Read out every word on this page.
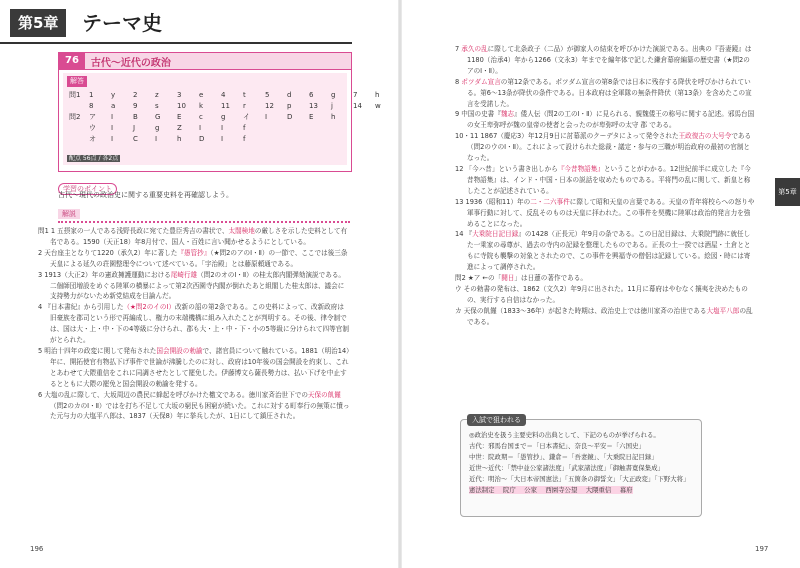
第5章	テーマ史
76	古代〜近代の政治
解答
問1	1	y	2	z	3	e	4	t	5	d	6	g	7	h
8	a	9	s	10	k	11	r	12	p	13	j	14	w
問2	ア	I	B	G	E	c	g	イ	I	D	E	h
ウ	I	J	g	Z	I	I	f
オ	I	C	I	h	D	I	f
配点 56点 / 各2点
学習のポイント
古代〜現代の政治史に関する重要史料を再確認しよう。
解説
問1 1 五摂家の一人である浅野長政に宛てた豊臣秀吉の書状で、太閤検地の厳しさを示した史料として有名である。1590（天正18）年8月付で、国人・百姓に言い聞かせるようにとしている。
2 天台座主となりて1220（承久2）年に著した『愚管抄』（★問2のアのI・Ⅱ）の一節で、ここでは後三条天皇による延久の荘園整理令について述べている。「宇治殿」とは藤原頼通である。
3 1913（大正2）年の憲政擁護運動における尾崎行雄（問2のオのI・Ⅱ）の桂太郎内閣弾劾演説である。二個師団増設をめぐる陸軍の横暴によって第2次西園寺内閣が倒れたあと組閣した桂太郎は、議会に支持勢力がないため新党結成を目論んだ。
4 『日本書紀』から引用した（★問2のイのI）改新の詔の第2条である。この史料によって、改新政府は旧豪族を郡司という形で再編成し、権力の末端機構に組み入れたことが判明する。その後、律令制では、国は大・上・中・下の4等級に分けられ、郡も大・上・中・下・小の5等級に分けられて四等官制がとられた。
5 明治十四年の政変に関して発布された国会開設の勅諭で、諸官員について触れている。1881（明治14）年に、開拓使官有物払下げ事件で世論が沸騰したのに対し、政府は10年後の国会開設を約束し、これとあわせて大隈重信をこれに同調させたとして罷免した。伊藤博文ら薩長勢力は、払い下げを中止するとともに大隈の罷免と国会開設の勅諭を発する。
6 大塩の乱に際して、大坂周辺の農民に蜂起を呼びかけた檄文である。徳川家斉治世下での天保の飢饉（問2のカのI・Ⅱ）ではを打ち不足して大坂の窮民も困窮が続いた。これに対する町奉行の無策に憤った元与力の大塩平八郎は、1837（天保8）年に挙兵したが、1日にして鎮圧された。
196
7 承久の乱に際して北条政子（二品）が御家人の結束を呼びかけた演説である。出典の『吾妻鏡』は1180（治承4）年から1266（文永3）年までを編年体で記した鎌倉幕府編纂の歴史書（★問2のアのI・Ⅱ）。
8 ポツダム宣言の第12条である。ポツダム宣言の第8条では日本に残存する降伏を呼びかけられている。第6〜13条が降伏の条件である。日本政府は全軍隊の無条件降伏（第13条）を含めたこの宣言を受諾した。
9 中国の史書『魏志』倭人伝（問2の工のI・Ⅱ）に見られる、親魏倭王の称号に関する記述。邪馬台国の女王卑弥呼が魏の皇帝の使者と会ったのが卑弥呼の太守 郡 である。
10・11 1867（慶応3）年12月9日に討幕派のクーデタによって発令された王政復古の大号令である（問2のウのI・Ⅱ）。これによって設けられた総裁・議定・参与の三職が明治政府の最初の官制となった。
12 「今ハ昔」という書き出しから『今昔物語集』ということがわかる。12世紀前半に成立した『今昔物語集』は、インド・中国・日本の説話を収めたものである。平将門の乱に関して、新皇と称したことが記述されている。
13 1936（昭和11）年の二・二六事件に際して昭和天皇の言葉である。天皇の青年将校らへの怒りや軍事行動に対して、反乱そのものは天皇に拝われた。この事件を契機に陸軍は政治的発言力を強めることになった。
14 『大乗院日記目録』の1428（正長元）年9月の条である。この日記目録は、大乗院門跡に就任した一乗家の尋尊が、過去の寺内の記録を整理したものである。正長の土一揆では酒屋・土倉とともに寺院も襲撃の対象とされたので、この事件を興福寺の僧侶は記録している。絵図・時には寄進によって調停された。
問2 ★ア ←の「闘日」は日蓮の著作である。
ウ その勅書の発布は、1862（文久2）年9月に出された。11月に幕府はやむなく攘夷を決めたものの、実行する自信はなかった。
カ 天保の飢饉（1833〜36年）が起きた時期は、政治史上では徳川家斉の治世である大塩平八郎の乱である。
入試で狙われる
◎政治史を扱う主要史料の出典として、下記のものが挙げられる。
古代：邪馬台国まで＝「日本書紀」、奈良〜平安＝「六国史」
中世：院政期＝「愚管抄」、鎌倉＝「吾妻鏡」、「大乗院日記目録」
近世〜近代：「禁中並公家諸法度」「武家諸法度」「御触書寛保集成」
近代：明治〜「大日本帝国憲法」「五箇条の御誓文」「大正政変」「下野大将」
憲法制定 　院庁 　公家 　西園寺公望 　大隈重信 　幕府
197
第5章
